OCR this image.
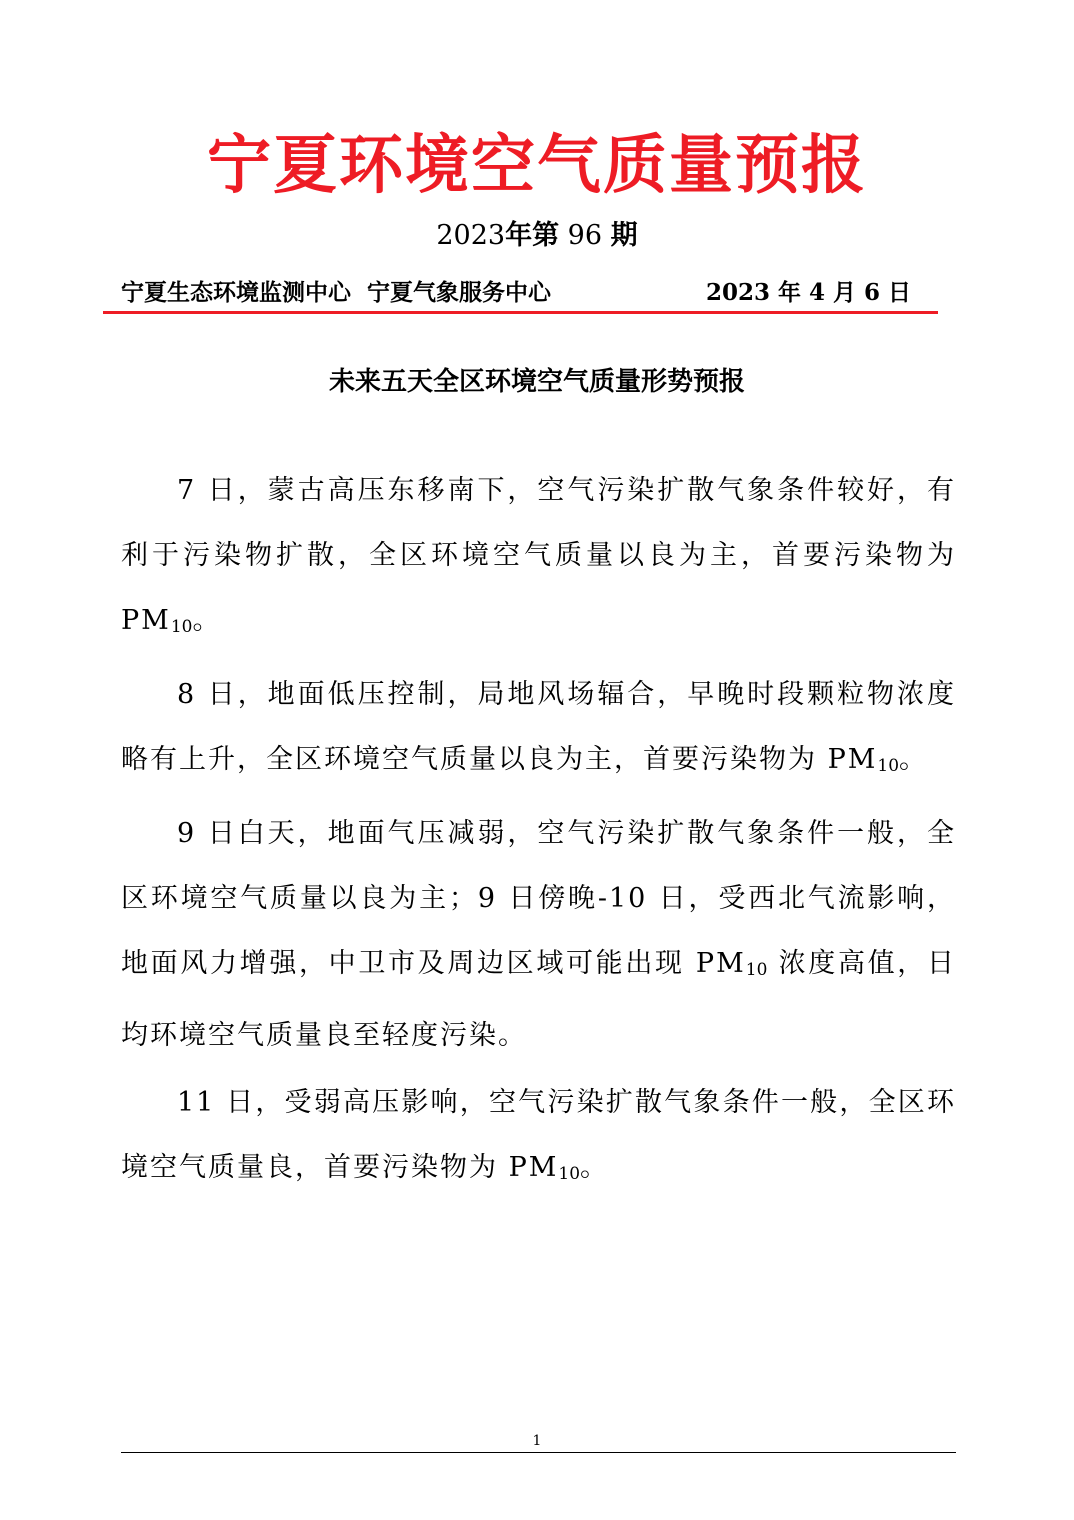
宁夏环境空气质量预报
2023年第 96 期
宁夏生态环境监测中心  宁夏气象服务中心	2023 年 4 月 6 日
未来五天全区环境空气质量形势预报

7 日，蒙古高压东移南下，空气污染扩散气象条件较好，有利于污染物扩散，全区环境空气质量以良为主，首要污染物为 $PM_{10}$。

8 日，地面低压控制，局地风场辐合，早晚时段颗粒物浓度略有上升，全区环境空气质量以良为主，首要污染物为 $PM_{10}$。

9 日白天，地面气压减弱，空气污染扩散气象条件一般，全区环境空气质量以良为主；9 日傍晚-10 日，受西北气流影响，地面风力增强，中卫市及周边区域可能出现 $PM_{10}$ 浓度高值，日均环境空气质量良至轻度污染。

11 日，受弱高压影响，空气污染扩散气象条件一般，全区环境空气质量良，首要污染物为 $PM_{10}$。

1
